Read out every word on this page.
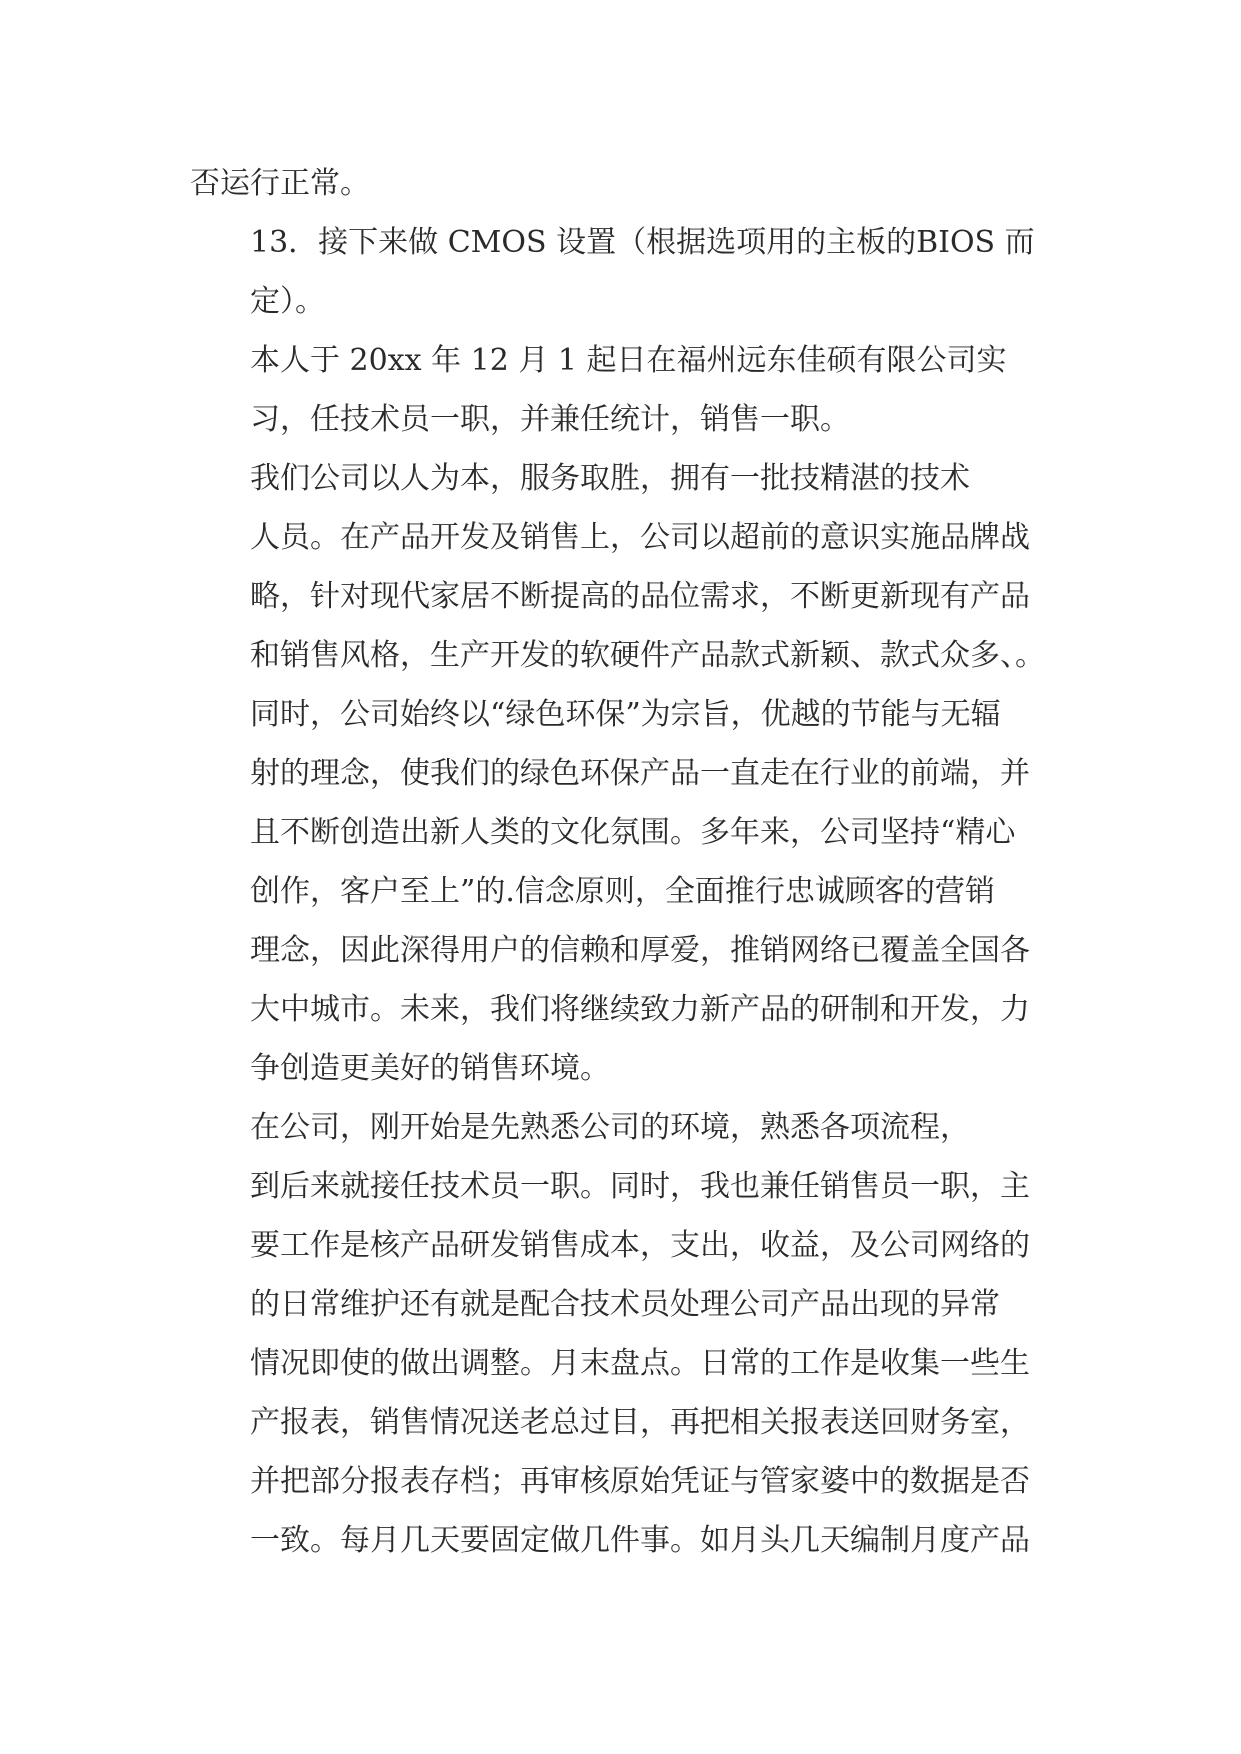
否运行正常。

13．接下来做 CMOS 设置（根据选项用的主板的BIOS 而
定）。

本人于 20xx 年 12 月 1 起日在福州远东佳硕有限公司实
习，任技术员一职，并兼任统计，销售一职。

我们公司以人为本，服务取胜，拥有一批技精湛的技术
人员。在产品开发及销售上，公司以超前的意识实施品牌战
略，针对现代家居不断提高的品位需求，不断更新现有产品
和销售风格，生产开发的软硬件产品款式新颖、款式众多、。
同时，公司始终以“绿色环保”为宗旨，优越的节能与无辐
射的理念，使我们的绿色环保产品一直走在行业的前端，并
且不断创造出新人类的文化氛围。多年来，公司坚持“精心
创作，客户至上”的.信念原则，全面推行忠诚顾客的营销
理念，因此深得用户的信赖和厚爱，推销网络已覆盖全国各
大中城市。未来，我们将继续致力新产品的研制和开发，力
争创造更美好的销售环境。

在公司，刚开始是先熟悉公司的环境，熟悉各项流程，
到后来就接任技术员一职。同时，我也兼任销售员一职，主
要工作是核产品研发销售成本，支出，收益，及公司网络的
的日常维护还有就是配合技术员处理公司产品出现的异常
情况即使的做出调整。月末盘点。日常的工作是收集一些生
产报表，销售情况送老总过目，再把相关报表送回财务室，
并把部分报表存档；再审核原始凭证与管家婆中的数据是否
一致。每月几天要固定做几件事。如月头几天编制月度产品
